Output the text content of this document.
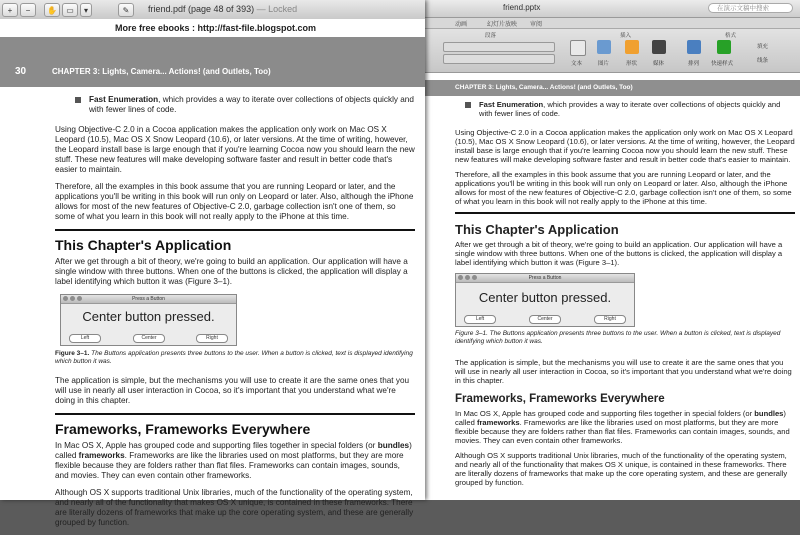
+	−	✋	▭	▾	✎	friend.pdf (page 48 of 393) — Locked
More free ebooks : http://fast-file.blogspot.com
30	CHAPTER 3: Lights, Camera... Actions! (and Outlets, Too)
Fast Enumeration, which provides a way to iterate over collections of objects quickly and with fewer lines of code.

Using Objective-C 2.0 in a Cocoa application makes the application only work on Mac OS X Leopard (10.5), Mac OS X Snow Leopard (10.6), or later versions. At the time of writing, however, the Leopard install base is large enough that if you're learning Cocoa now you should learn the new stuff. These new features will make developing software faster and result in better code that's easier to maintain.

Therefore, all the examples in this book assume that you are running Leopard or later, and the applications you'll be writing in this book will run only on Leopard or later. Also, although the iPhone allows for most of the new features of Objective-C 2.0, garbage collection isn't one of them, so some of what you learn in this book will not really apply to the iPhone at this time.

This Chapter's Application

After we get through a bit of theory, we're going to build an application. Our application will have a single window with three buttons. When one of the buttons is clicked, the application will display a label identifying which button it was (Figure 3–1).

Press a Button
Center button pressed.
Left	Center	Right

Figure 3–1. The Buttons application presents three buttons to the user. When a button is clicked, text is displayed identifying which button it was.

The application is simple, but the mechanisms you will use to create it are the same ones that you will use in nearly all user interaction in Cocoa, so it's important that you understand what we're doing in this chapter.

Frameworks, Frameworks Everywhere

In Mac OS X, Apple has grouped code and supporting files together in special folders (or bundles) called frameworks. Frameworks are like the libraries used on most platforms, but they are more flexible because they are folders rather than flat files. Frameworks can contain images, sounds, and movies. They can even contain other frameworks.

Although OS X supports traditional Unix libraries, much of the functionality of the operating system, and nearly all of the functionality that makes OS X unique, is contained in these frameworks. There are literally dozens of frameworks that make up the core operating system, and these are generally grouped by function.

friend.pptx	在演示文稿中搜索
动画	幻灯片放映 审阅
段落	插入	格式
文本	图片	形状	媒体	排列 快速样式
填充
线条
CHAPTER 3: Lights, Camera... Actions! (and Outlets, Too)
Fast Enumeration, which provides a way to iterate over collections of objects quickly and with fewer lines of code.

Using Objective-C 2.0 in a Cocoa application makes the application only work on Mac OS X Leopard (10.5), Mac OS X Snow Leopard (10.6), or later versions. At the time of writing, however, the Leopard install base is large enough that if you're learning Cocoa now you should learn the new stuff. These new features will make developing software faster and result in better code that's easier to maintain.

Therefore, all the examples in this book assume that you are running Leopard or later, and the applications you'll be writing in this book will run only on Leopard or later. Also, although the iPhone allows for most of the new features of Objective-C 2.0, garbage collection isn't one of them, so some of what you learn in this book will not really apply to the iPhone at this time.

This Chapter's Application

After we get through a bit of theory, we're going to build an application. Our application will have a single window with three buttons. When one of the buttons is clicked, the application will display a label identifying which button it was (Figure 3–1).

Press a Button
Center button pressed.
Left	Center	Right

Figure 3–1. The Buttons application presents three buttons to the user. When a button is clicked, text is displayed identifying which button it was.

The application is simple, but the mechanisms you will use to create it are the same ones that you will use in nearly all user interaction in Cocoa, so it's important that you understand what we're doing in this chapter.

Frameworks, Frameworks Everywhere

In Mac OS X, Apple has grouped code and supporting files together in special folders (or bundles) called frameworks. Frameworks are like the libraries used on most platforms, but they are more flexible because they are folders rather than flat files. Frameworks can contain images, sounds, and movies. They can even contain other frameworks.

Although OS X supports traditional Unix libraries, much of the functionality of the operating system, and nearly all of the functionality that makes OS X unique, is contained in these frameworks. There are literally dozens of frameworks that make up the core operating system, and these are generally grouped by function.
